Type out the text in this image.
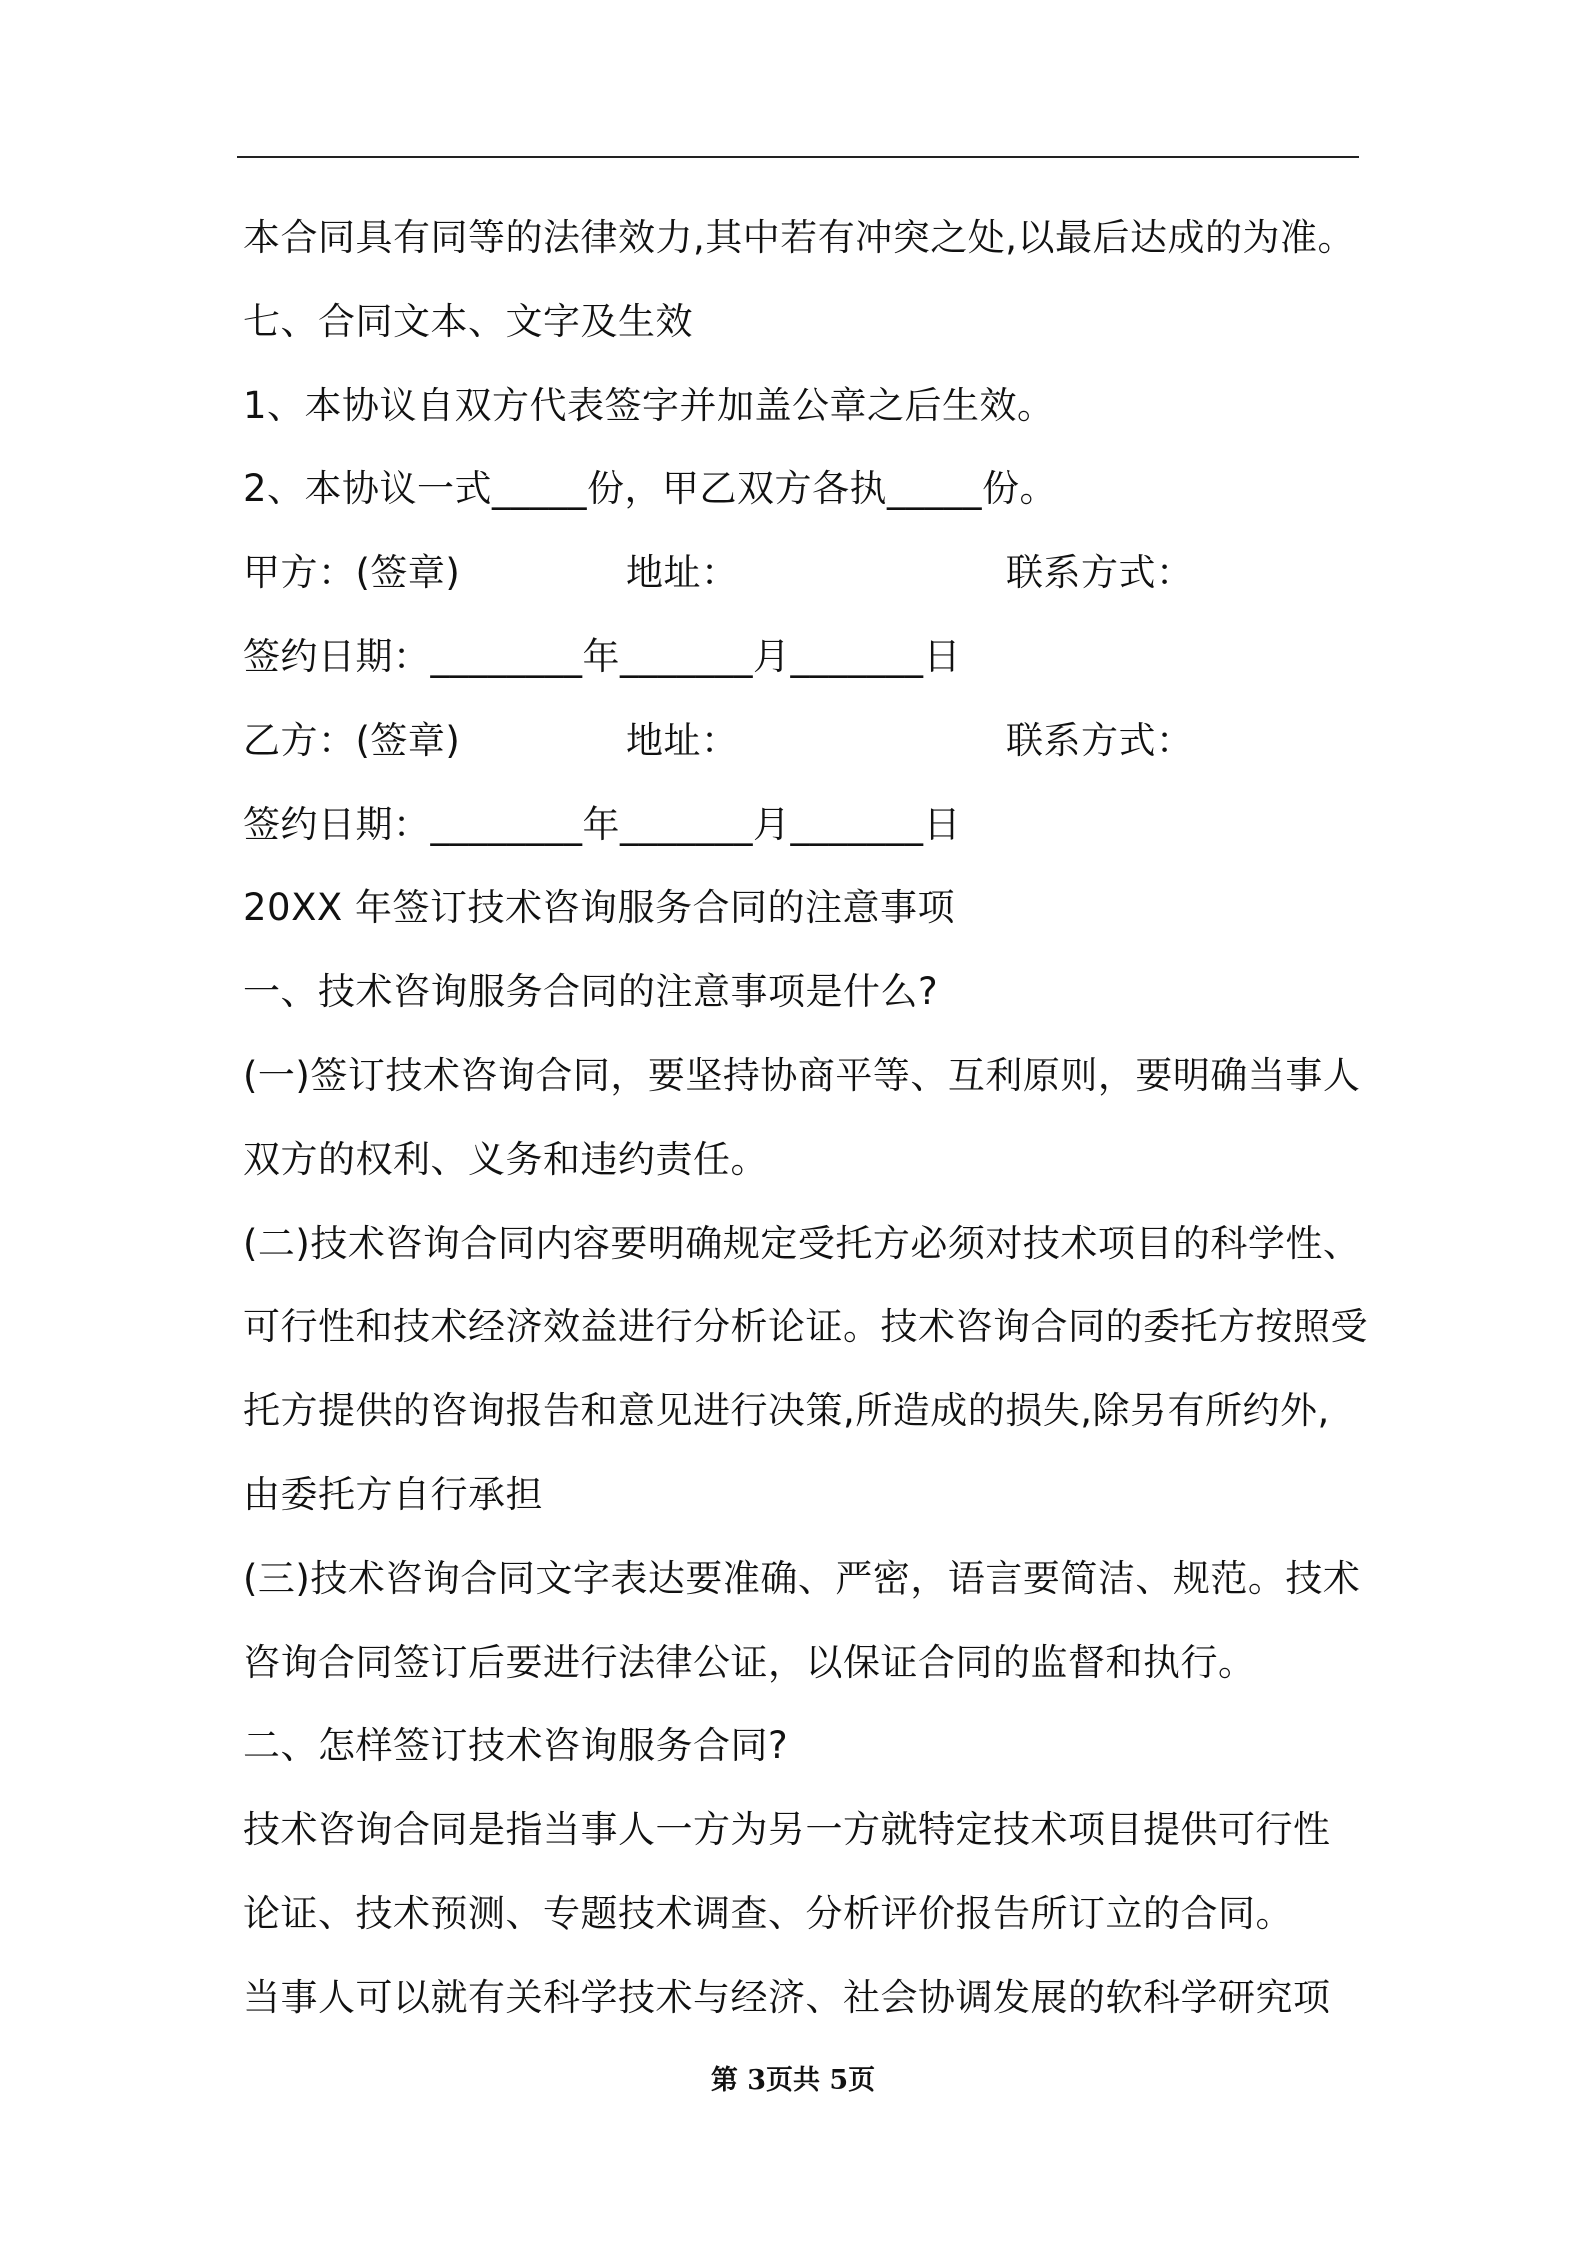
本合同具有同等的法律效力,其中若有冲突之处,以最后达成的为准。
七、合同文本、文字及生效
1、本协议自双方代表签字并加盖公章之后生效。
2、本协议一式_____份，甲乙双方各执_____份。
甲方：(签章)	地址：	联系方式：
签约日期：________年_______月_______日
乙方：(签章)	地址：	联系方式：
签约日期：________年_______月_______日
20XX 年签订技术咨询服务合同的注意事项
一、技术咨询服务合同的注意事项是什么?
(一)签订技术咨询合同，要坚持协商平等、互利原则，要明确当事人
双方的权利、义务和违约责任。
(二)技术咨询合同内容要明确规定受托方必须对技术项目的科学性、
可行性和技术经济效益进行分析论证。技术咨询合同的委托方按照受
托方提供的咨询报告和意见进行决策,所造成的损失,除另有所约外,
由委托方自行承担
(三)技术咨询合同文字表达要准确、严密，语言要简洁、规范。技术
咨询合同签订后要进行法律公证，以保证合同的监督和执行。
二、怎样签订技术咨询服务合同?
技术咨询合同是指当事人一方为另一方就特定技术项目提供可行性
论证、技术预测、专题技术调查、分析评价报告所订立的合同。
当事人可以就有关科学技术与经济、社会协调发展的软科学研究项
第 3页共 5页
